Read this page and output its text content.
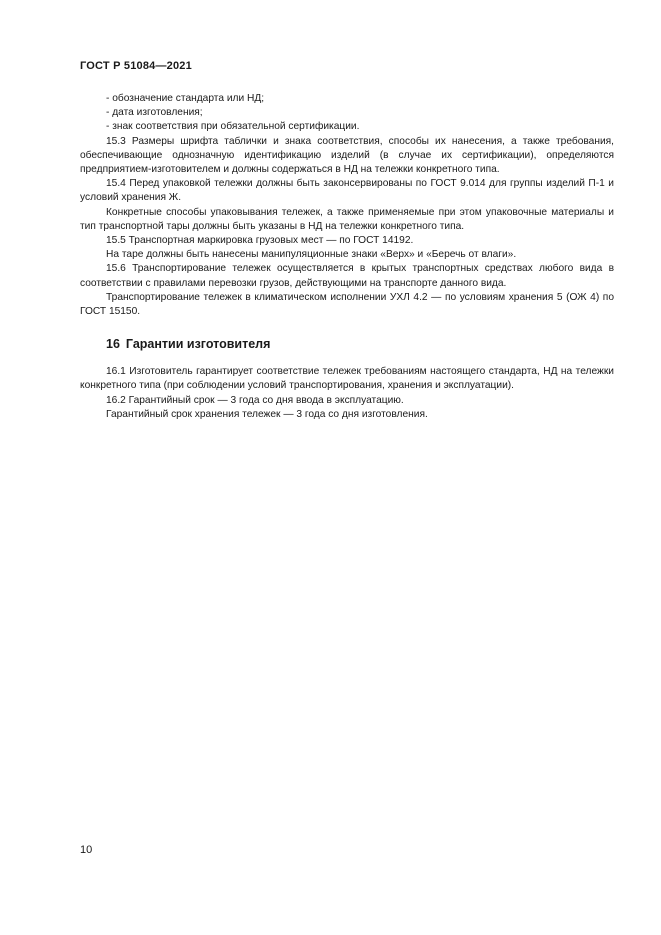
ГОСТ Р 51084—2021

- обозначение стандарта или НД;

- дата изготовления;

- знак соответствия при обязательной сертификации.

15.3 Размеры шрифта таблички и знака соответствия, способы их нанесения, а также требования, обеспечивающие однозначную идентификацию изделий (в случае их сертификации), определяются предприятием-изготовителем и должны содержаться в НД на тележки конкретного типа.

15.4 Перед упаковкой тележки должны быть законсервированы по ГОСТ 9.014 для группы изделий П-1 и условий хранения Ж.

Конкретные способы упаковывания тележек, а также применяемые при этом упаковочные материалы и тип транспортной тары должны быть указаны в НД на тележки конкретного типа.

15.5 Транспортная маркировка грузовых мест — по ГОСТ 14192.

На таре должны быть нанесены манипуляционные знаки «Верх» и «Беречь от влаги».

15.6 Транспортирование тележек осуществляется в крытых транспортных средствах любого вида в соответствии с правилами перевозки грузов, действующими на транспорте данного вида.

Транспортирование тележек в климатическом исполнении УХЛ 4.2 — по условиям хранения 5 (ОЖ 4) по ГОСТ 15150.

16 Гарантии изготовителя

16.1 Изготовитель гарантирует соответствие тележек требованиям настоящего стандарта, НД на тележки конкретного типа (при соблюдении условий транспортирования, хранения и эксплуатации).

16.2 Гарантийный срок — 3 года со дня ввода в эксплуатацию.

Гарантийный срок хранения тележек — 3 года со дня изготовления.

10
